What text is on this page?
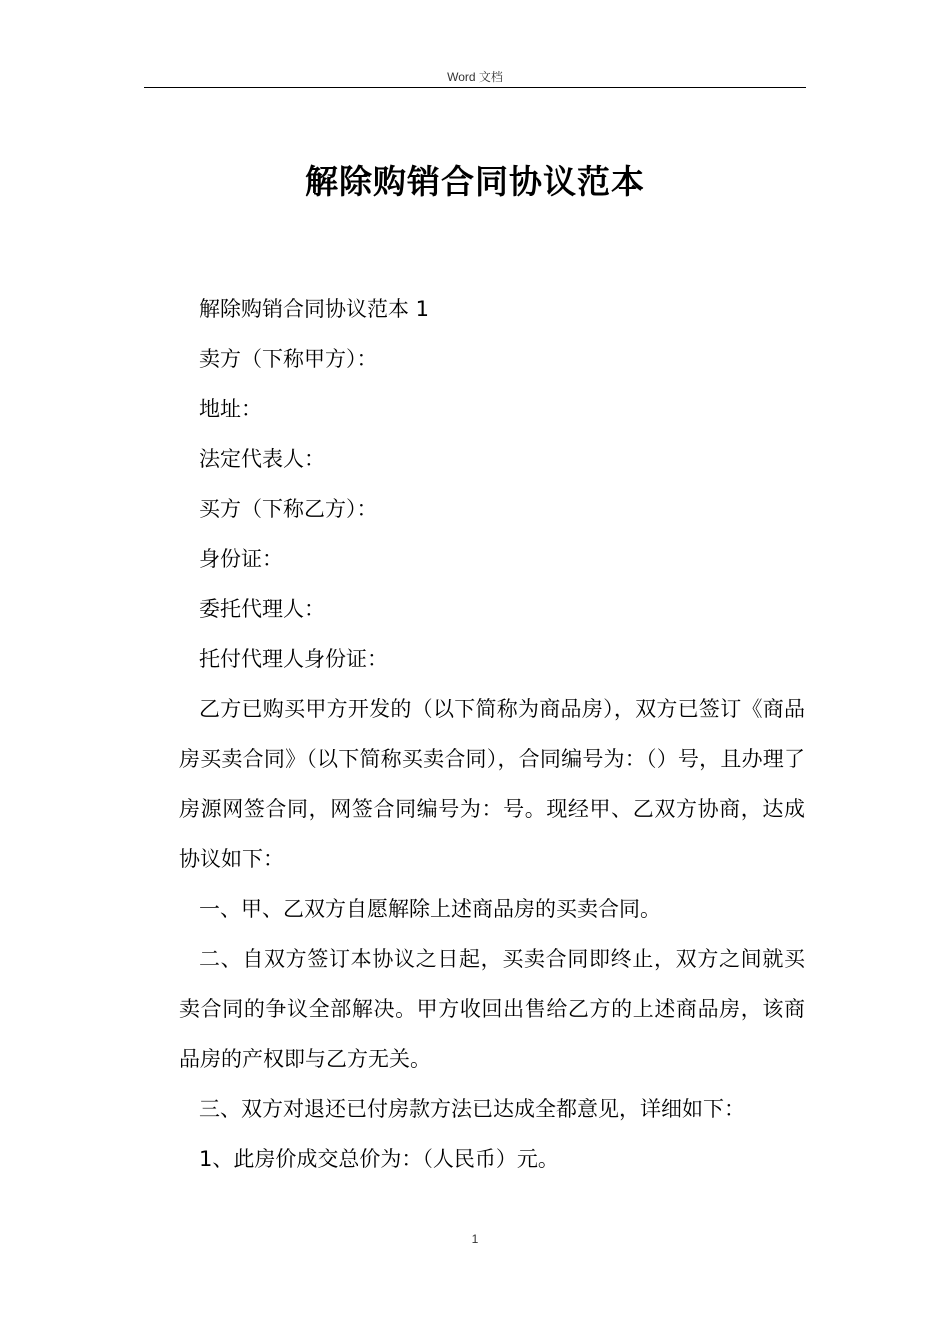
Word 文档
解除购销合同协议范本

解除购销合同协议范本 1

卖方（下称甲方）：

地址：

法定代表人：

买方（下称乙方）：

身份证：

委托代理人：

托付代理人身份证：

乙方已购买甲方开发的（以下简称为商品房），双方已签订《商品房买卖合同》（以下简称买卖合同），合同编号为：（）号，且办理了房源网签合同，网签合同编号为：号。现经甲、乙双方协商，达成协议如下：

一、甲、乙双方自愿解除上述商品房的买卖合同。

二、自双方签订本协议之日起，买卖合同即终止，双方之间就买卖合同的争议全部解决。甲方收回出售给乙方的上述商品房，该商品房的产权即与乙方无关。

三、双方对退还已付房款方法已达成全都意见，详细如下：

1、此房价成交总价为：（人民币）元。

1
